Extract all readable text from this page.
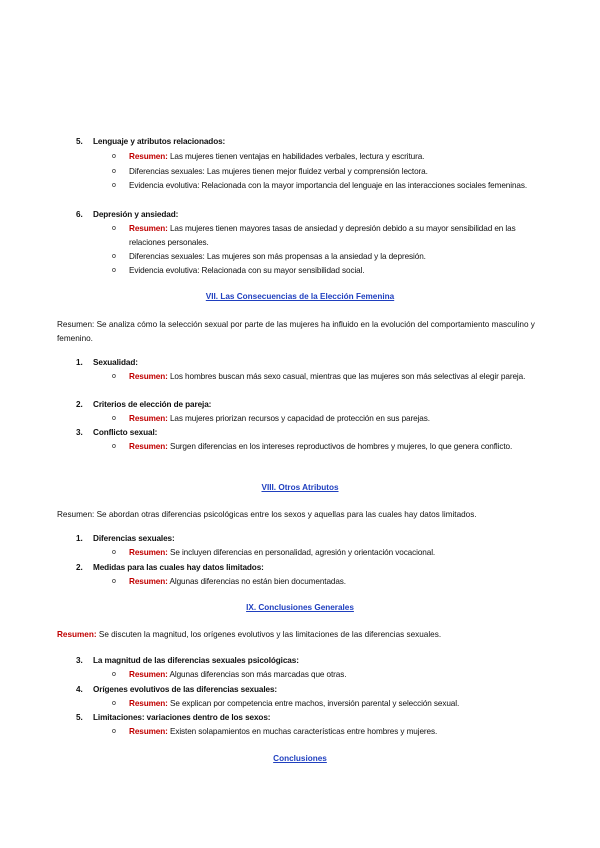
5. Lenguaje y atributos relacionados:
o Resumen: Las mujeres tienen ventajas en habilidades verbales, lectura y escritura.
o Diferencias sexuales: Las mujeres tienen mejor fluidez verbal y comprensión lectora.
o Evidencia evolutiva: Relacionada con la mayor importancia del lenguaje en las interacciones sociales femeninas.
6. Depresión y ansiedad:
o Resumen: Las mujeres tienen mayores tasas de ansiedad y depresión debido a su mayor sensibilidad en las relaciones personales.
o Diferencias sexuales: Las mujeres son más propensas a la ansiedad y la depresión.
o Evidencia evolutiva: Relacionada con su mayor sensibilidad social.
VII. Las Consecuencias de la Elección Femenina
Resumen: Se analiza cómo la selección sexual por parte de las mujeres ha influido en la evolución del comportamiento masculino y femenino.
1. Sexualidad:
o Resumen: Los hombres buscan más sexo casual, mientras que las mujeres son más selectivas al elegir pareja.
2. Criterios de elección de pareja:
o Resumen: Las mujeres priorizan recursos y capacidad de protección en sus parejas.
3. Conflicto sexual:
o Resumen: Surgen diferencias en los intereses reproductivos de hombres y mujeres, lo que genera conflicto.
VIII. Otros Atributos
Resumen: Se abordan otras diferencias psicológicas entre los sexos y aquellas para las cuales hay datos limitados.
1. Diferencias sexuales:
o Resumen: Se incluyen diferencias en personalidad, agresión y orientación vocacional.
2. Medidas para las cuales hay datos limitados:
o Resumen: Algunas diferencias no están bien documentadas.
IX. Conclusiones Generales
Resumen: Se discuten la magnitud, los orígenes evolutivos y las limitaciones de las diferencias sexuales.
3. La magnitud de las diferencias sexuales psicológicas:
o Resumen: Algunas diferencias son más marcadas que otras.
4. Orígenes evolutivos de las diferencias sexuales:
o Resumen: Se explican por competencia entre machos, inversión parental y selección sexual.
5. Limitaciones: variaciones dentro de los sexos:
o Resumen: Existen solapamientos en muchas características entre hombres y mujeres.
Conclusiones
